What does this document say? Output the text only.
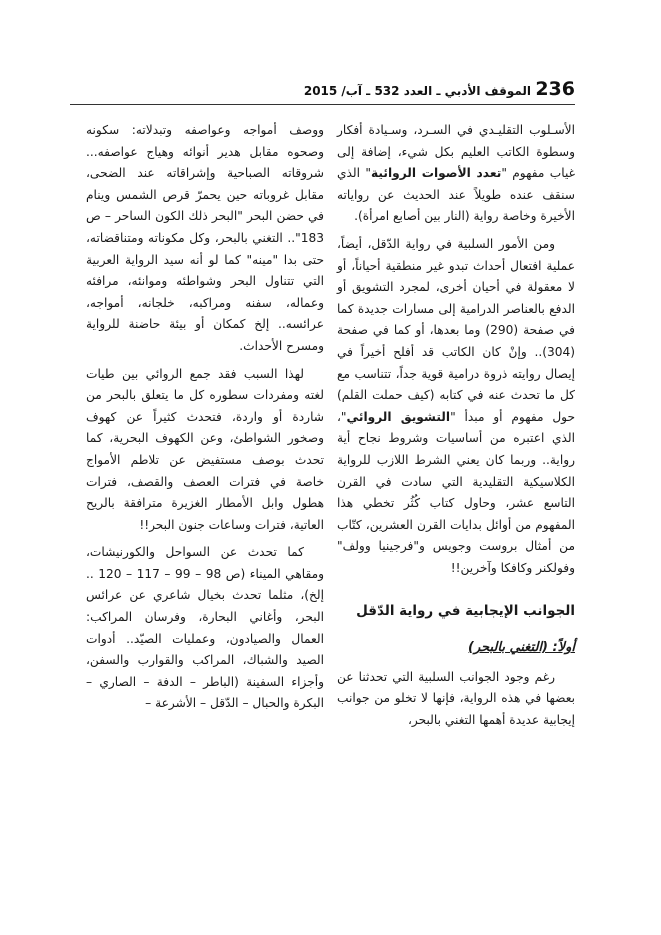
الموقف الأدبي ـ العدد 532 ـ آب/ 2015 236

الأسـلوب التقليـدي في السـرد، وسـيادة أفكار وسطوة الكاتب العليم بكل شيء، إضافة إلى غياب مفهوم "تعدد الأصوات الروائية" الذي سنقف عنده طويلاً عند الحديث عن رواياته الأخيرة وخاصة رواية (النار بين أصابع امرأة).

ومن الأمور السلبية في رواية الدّقل، أيضاً، عملية افتعال أحداث تبدو غير منطقية أحياناً، أو لا معقولة في أحيان أخرى، لمجرد التشويق أو الدفع بالعناصر الدرامية إلى مسارات جديدة كما في صفحة (290) وما بعدها، أو كما في صفحة (304).. وإنْ كان الكاتب قد أفلح أخيراً في إيصال روايته ذروة درامية قوية جداً، تتناسب مع كل ما تحدث عنه في كتابه (كيف حملت القلم) حول مفهوم أو مبدأ "التشويق الروائي"، الذي اعتبره من أساسيات وشروط نجاح أية رواية.. وربما كان يعني الشرط اللازب للرواية الكلاسيكية التقليدية التي سادت في القرن التاسع عشر، وحاول كتاب كُثُر تخطي هذا المفهوم من أوائل بدايات القرن العشرين، كتّاب من أمثال بروست وجويس و"فرجينيا وولف" وفولكنر وكافكا وآخرين!!

الجوانب الإيجابية في رواية الدّقل
أولاً: (التغني بالبحر)

رغم وجود الجوانب السلبية التي تحدثنا عن بعضها في هذه الرواية، فإنها لا تخلو من جوانب إيجابية عديدة أهمها التغني بالبحر،

ووصف أمواجه وعواصفه وتبدلاته: سكونه وصحوه مقابل هدير أنوائه وهياج عواصفه... شروقاته الصباحية وإشراقاته عند الضحى، مقابل غروباته حين يحمرّ قرص الشمس وينام في حضن البحر "البحر ذلك الكون الساحر – ص 183".. التغني بالبحر، وكل مكوناته ومتناقضاته، حتى بدا "مينه" كما لو أنه سيد الرواية العربية التي تتناول البحر وشواطئه وموانئه، مرافئه وعماله، سفنه ومراكبه، خلجانه، أمواجه، عرائسه.. إلخ كمكان أو بيئة حاضنة للرواية ومسرح الأحداث.

لهذا السبب فقد جمع الروائي بين طيات لغته ومفردات سطوره كل ما يتعلق بالبحر من شاردة أو واردة، فتحدث كثيراً عن كهوف وصخور الشواطئ، وعن الكهوف البحرية، كما تحدث بوصف مستفيض عن تلاطم الأمواج خاصة في فترات العصف والقصف، فترات هطول وابل الأمطار الغزيرة مترافقة بالريح العاتية، فترات وساعات جنون البحر!!

كما تحدث عن السواحل والكورنيشات، ومقاهي الميناء (ص 98 – 99 – 117 – 120 .. إلخ)، مثلما تحدث بخيال شاعري عن عرائس البحر، وأغاني البحارة، وفرسان المراكب: العمال والصيادون، وعمليات الصيّد.. أدوات الصيد والشباك، المراكب والقوارب والسفن، وأجزاء السفينة (الباطر – الدفة – الصاري – البكرة والحبال – الدّقل – الأشرعة –
